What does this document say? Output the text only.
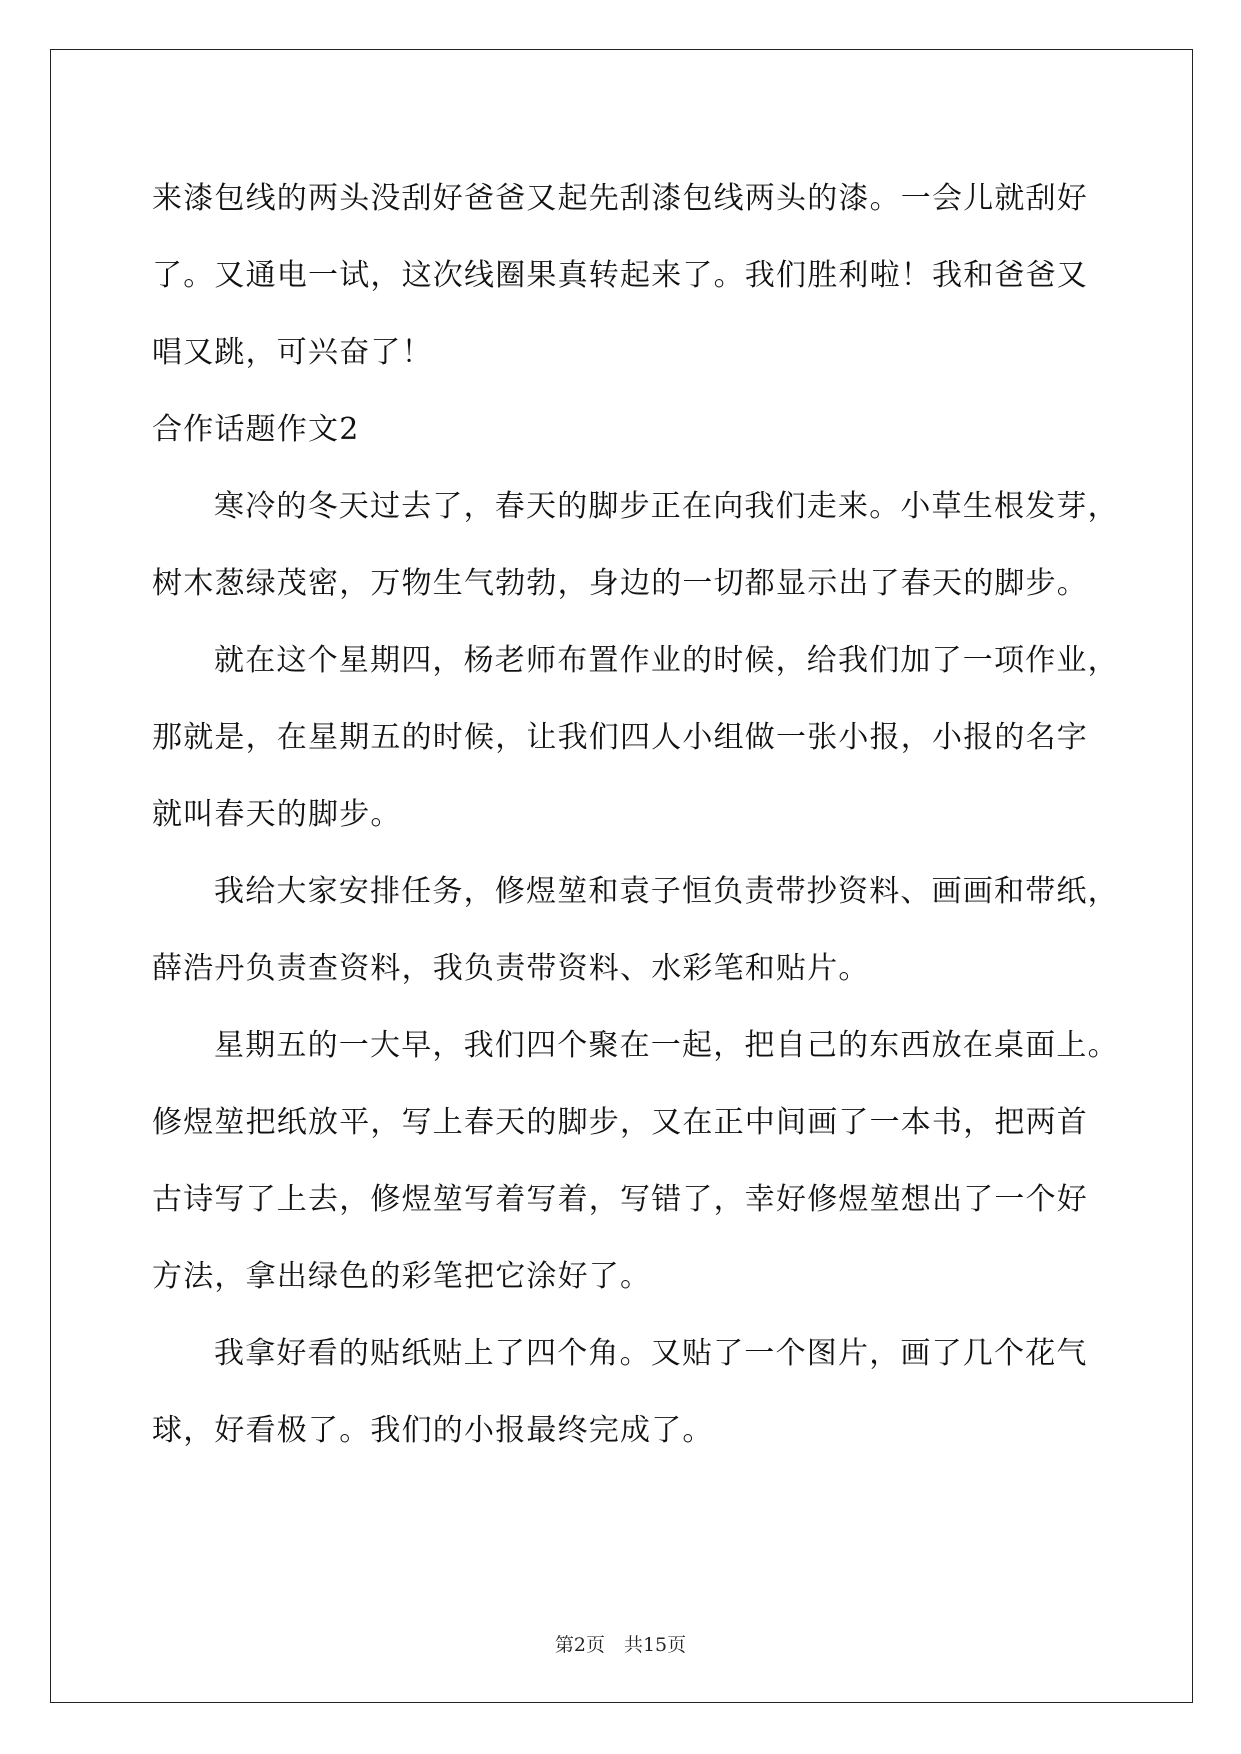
来漆包线的两头没刮好爸爸又起先刮漆包线两头的漆。一会儿就刮好
了。又通电一试，这次线圈果真转起来了。我们胜利啦！我和爸爸又
唱又跳，可兴奋了！
合作话题作文2
寒冷的冬天过去了，春天的脚步正在向我们走来。小草生根发芽，
树木葱绿茂密，万物生气勃勃，身边的一切都显示出了春天的脚步。
就在这个星期四，杨老师布置作业的时候，给我们加了一项作业，
那就是，在星期五的时候，让我们四人小组做一张小报，小报的名字
就叫春天的脚步。
我给大家安排任务，修煜堃和袁子恒负责带抄资料、画画和带纸，
薛浩丹负责查资料，我负责带资料、水彩笔和贴片。
星期五的一大早，我们四个聚在一起，把自己的东西放在桌面上。
修煜堃把纸放平，写上春天的脚步，又在正中间画了一本书，把两首
古诗写了上去，修煜堃写着写着，写错了，幸好修煜堃想出了一个好
方法，拿出绿色的彩笔把它涂好了。
我拿好看的贴纸贴上了四个角。又贴了一个图片，画了几个花气
球，好看极了。我们的小报最终完成了。
第2页　共15页
